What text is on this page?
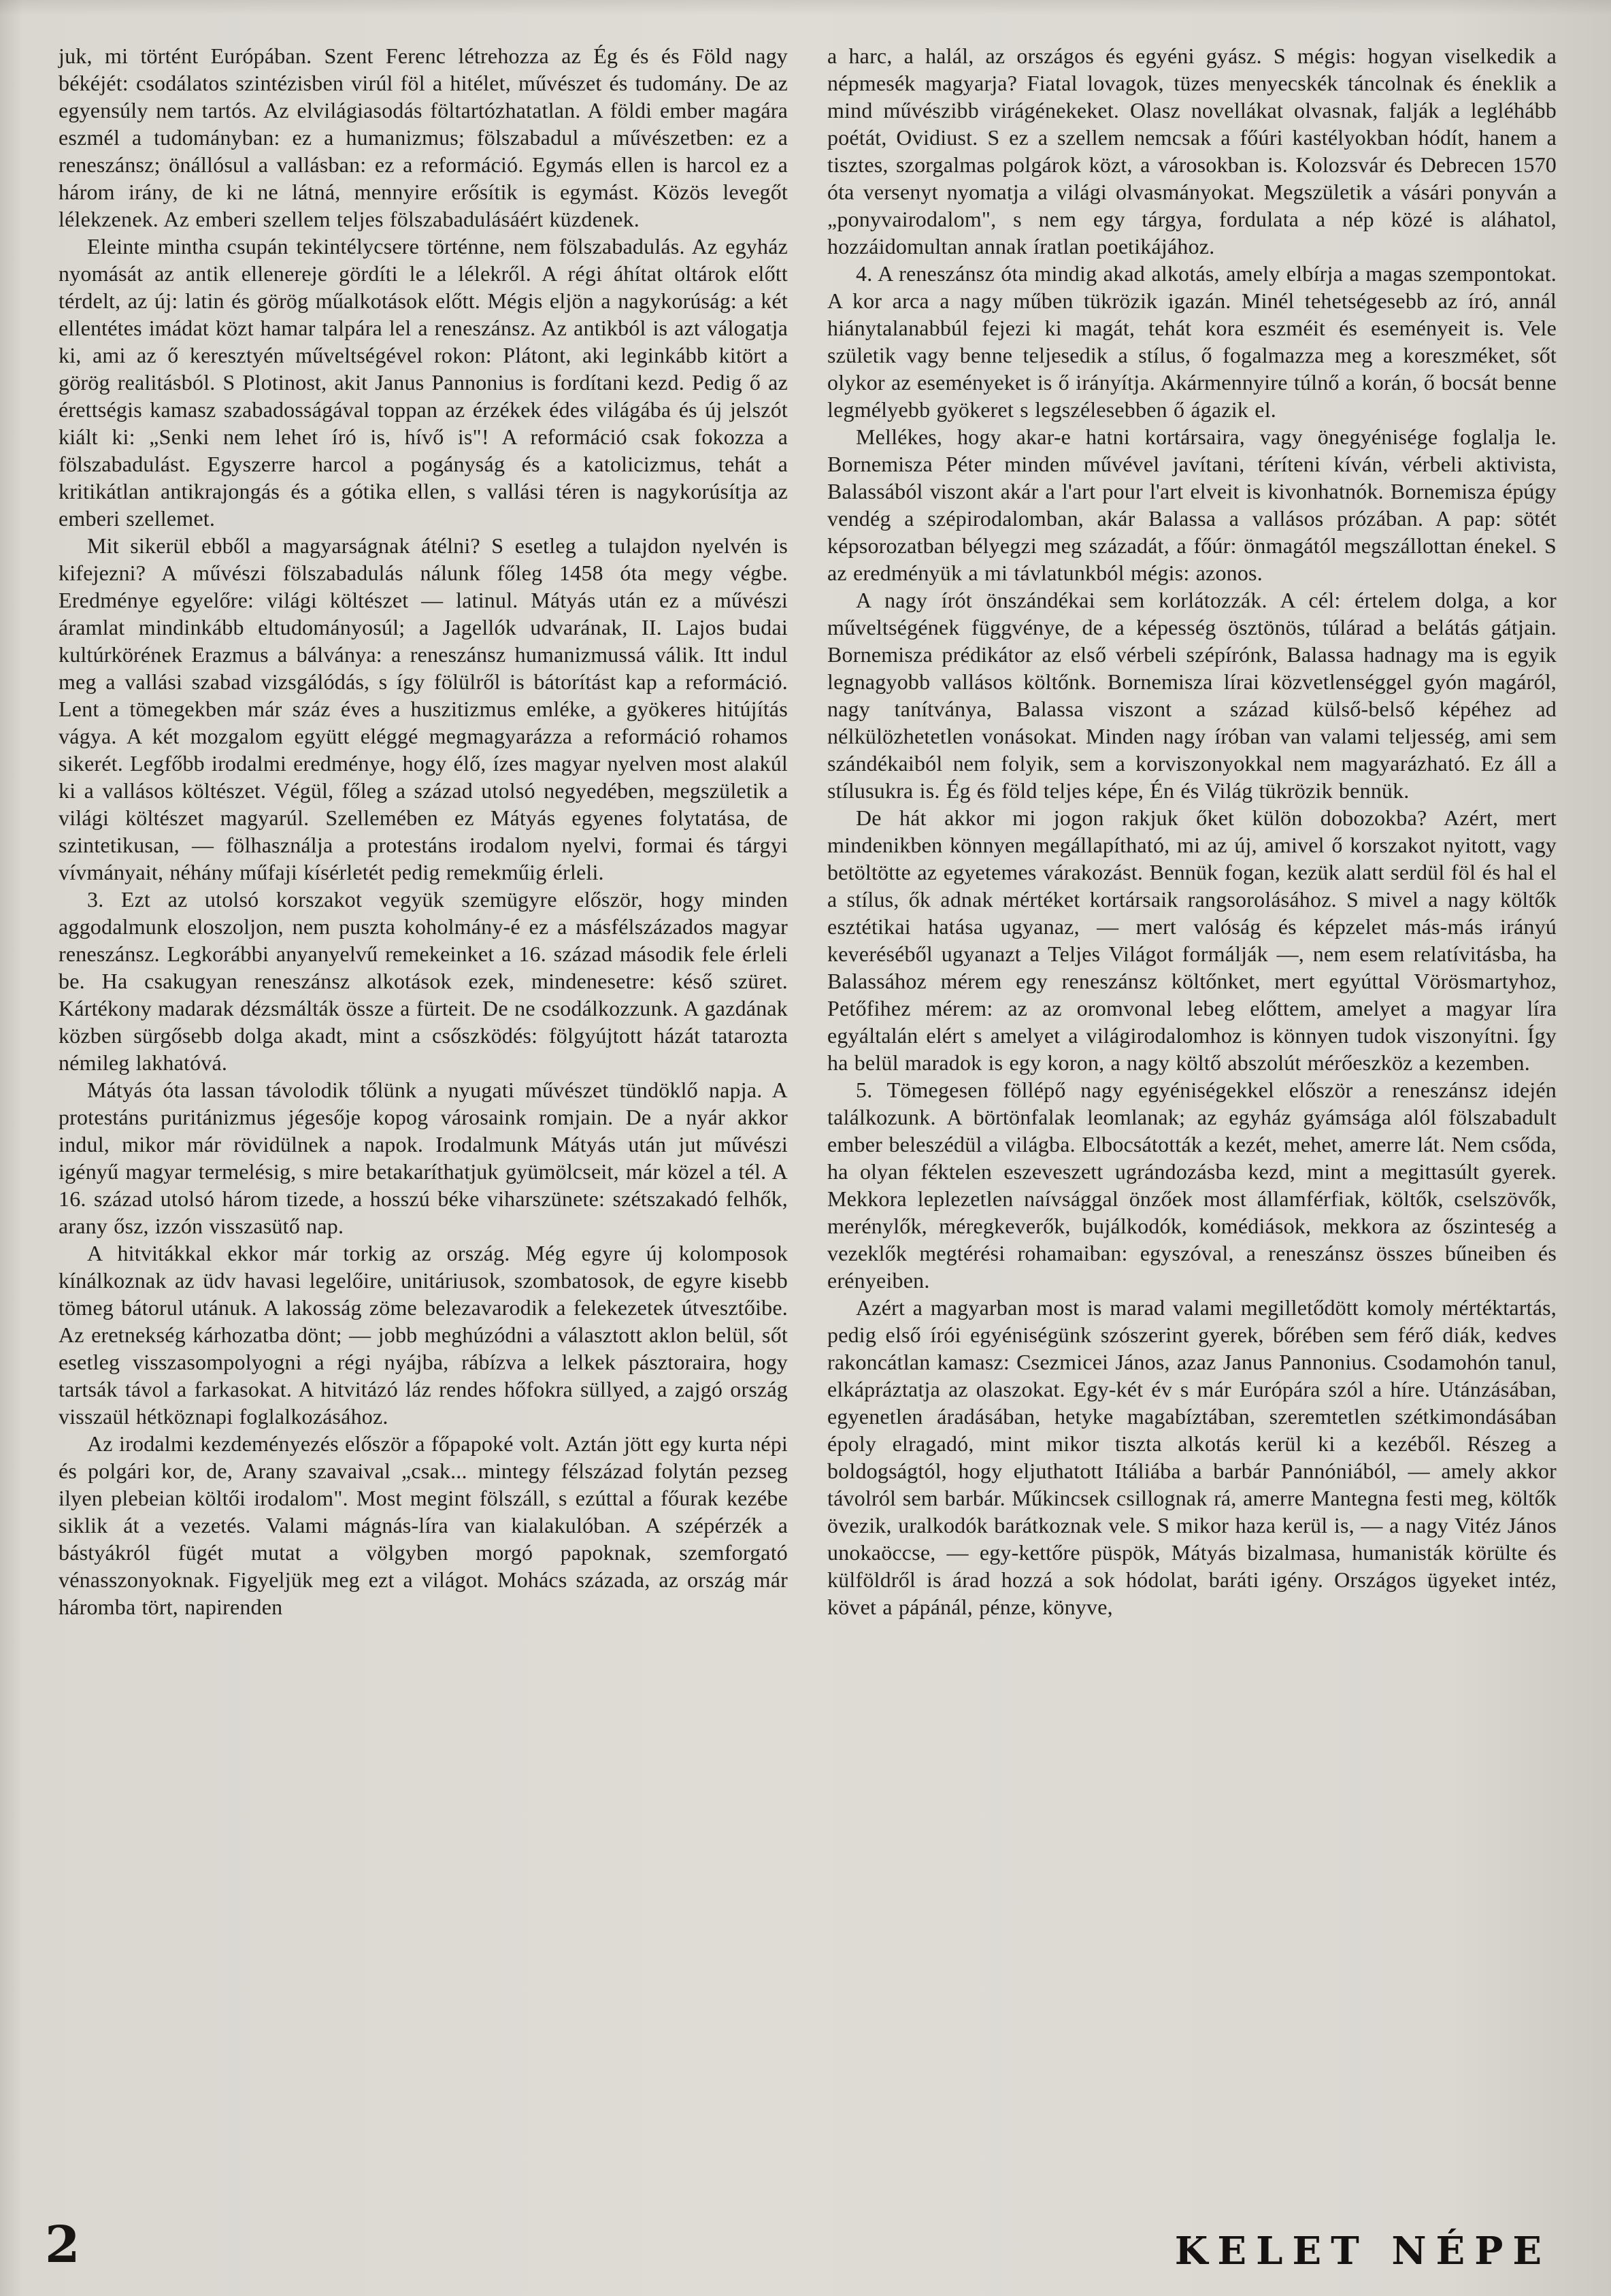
juk, mi történt Európában. Szent Ferenc létrehozza az Ég és és Föld nagy békéjét: csodálatos szintézisben virúl föl a hitélet, művészet és tudomány. De az egyensúly nem tartós. Az elvilágiasodás föltartózhatatlan. A földi ember magára eszmél a tudományban: ez a humanizmus; fölszabadul a művészetben: ez a reneszánsz; önállósul a vallásban: ez a reformáció. Egymás ellen is harcol ez a három irány, de ki ne látná, mennyire erősítik is egymást. Közös levegőt lélekzenek. Az emberi szellem teljes fölszabadulásáért küzdenek.

Eleinte mintha csupán tekintélycsere történne, nem fölszabadulás. Az egyház nyomását az antik ellenereje gördíti le a lélekről. A régi áhítat oltárok előtt térdelt, az új: latin és görög műalkotások előtt. Mégis eljön a nagykorúság: a két ellentétes imádat közt hamar talpára lel a reneszánsz. Az antikból is azt válogatja ki, ami az ő keresztyén műveltségével rokon: Plátont, aki leginkább kitört a görög realitásból. S Plotinost, akit Janus Pannonius is fordítani kezd. Pedig ő az érettségis kamasz szabadosságával toppan az érzékek édes világába és új jelszót kiált ki: „Senki nem lehet író is, hívő is"! A reformáció csak fokozza a fölszabadulást. Egyszerre harcol a pogányság és a katolicizmus, tehát a kritikátlan antikrajongás és a gótika ellen, s vallási téren is nagykorúsítja az emberi szellemet.

Mit sikerül ebből a magyarságnak átélni? S esetleg a tulajdon nyelvén is kifejezni? A művészi fölszabadulás nálunk főleg 1458 óta megy végbe. Eredménye egyelőre: világi költészet — latinul. Mátyás után ez a művészi áramlat mindinkább eltudományosúl; a Jagellók udvarának, II. Lajos budai kultúrkörének Erazmus a bálványa: a reneszánsz humanizmussá válik. Itt indul meg a vallási szabad vizsgálódás, s így fölülről is bátorítást kap a reformáció. Lent a tömegekben már száz éves a huszitizmus emléke, a gyökeres hitújítás vágya. A két mozgalom együtt eléggé megmagyarázza a reformáció rohamos sikerét. Legfőbb irodalmi eredménye, hogy élő, ízes magyar nyelven most alakúl ki a vallásos költészet. Végül, főleg a század utolsó negyedében, megszületik a világi költészet magyarúl. Szellemében ez Mátyás egyenes folytatása, de szintetikusan, — fölhasználja a protestáns irodalom nyelvi, formai és tárgyi vívmányait, néhány műfaji kísérletét pedig remekműig érleli.

3. Ezt az utolsó korszakot vegyük szemügyre először, hogy minden aggodalmunk eloszoljon, nem puszta koholmány-é ez a másfélszázados magyar reneszánsz. Legkorábbi anyanyelvű remekeinket a 16. század második fele érleli be. Ha csakugyan reneszánsz alkotások ezek, mindenesetre: késő szüret. Kártékony madarak dézsmálták össze a fürteit. De ne csodálkozzunk. A gazdának közben sürgősebb dolga akadt, mint a csőszködés: fölgyújtott házát tatarozta némileg lakhatóvá.

Mátyás óta lassan távolodik tőlünk a nyugati művészet tündöklő napja. A protestáns puritánizmus jégesője kopog városaink romjain. De a nyár akkor indul, mikor már rövidülnek a napok. Irodalmunk Mátyás után jut művészi igényű magyar termelésig, s mire betakaríthatjuk gyümölcseit, már közel a tél. A 16. század utolsó három tizede, a hosszú béke viharszünete: szétszakadó felhők, arany ősz, izzón visszasütő nap.

A hitvitákkal ekkor már torkig az ország. Még egyre új kolomposok kínálkoznak az üdv havasi legelőire, unitáriusok, szombatosok, de egyre kisebb tömeg bátorul utánuk. A lakosság zöme belezavarodik a felekezetek útvesztőibe. Az eretnekség kárhozatba dönt; — jobb meghúzódni a választott aklon belül, sőt esetleg visszasompolyogni a régi nyájba, rábízva a lelkek pásztoraira, hogy tartsák távol a farkasokat. A hitvitázó láz rendes hőfokra süllyed, a zajgó ország visszaül hétköznapi foglalkozásához.

Az irodalmi kezdeményezés először a főpapoké volt. Aztán jött egy kurta népi és polgári kor, de, Arany szavaival „csak... mintegy félszázad folytán pezseg ilyen plebeian költői irodalom". Most megint fölszáll, s ezúttal a főurak kezébe siklik át a vezetés. Valami mágnás-líra van kialakulóban. A szépérzék a bástyákról fügét mutat a völgyben morgó papoknak, szemforgató vénasszonyoknak. Figyeljük meg ezt a világot. Mohács százada, az ország már háromba tört, napirenden

a harc, a halál, az országos és egyéni gyász. S mégis: hogyan viselkedik a népmesék magyarja? Fiatal lovagok, tüzes menyecskék táncolnak és éneklik a mind művészibb virágénekeket. Olasz novellákat olvasnak, falják a legléhább poétát, Ovidiust. S ez a szellem nemcsak a főúri kastélyokban hódít, hanem a tisztes, szorgalmas polgárok közt, a városokban is. Kolozsvár és Debrecen 1570 óta versenyt nyomatja a világi olvasmányokat. Megszületik a vásári ponyván a „ponyvairodalom", s nem egy tárgya, fordulata a nép közé is aláhatol, hozzáidomultan annak íratlan poetikájához.

4. A reneszánsz óta mindig akad alkotás, amely elbírja a magas szempontokat. A kor arca a nagy műben tükrözik igazán. Minél tehetségesebb az író, annál hiánytalanabbúl fejezi ki magát, tehát kora eszméit és eseményeit is. Vele születik vagy benne teljesedik a stílus, ő fogalmazza meg a koreszméket, sőt olykor az eseményeket is ő irányítja. Akármennyire túlnő a korán, ő bocsát benne legmélyebb gyökeret s legszélesebben ő ágazik el.

Mellékes, hogy akar-e hatni kortársaira, vagy önegyénisége foglalja le. Bornemisza Péter minden művével javítani, téríteni kíván, vérbeli aktivista, Balassából viszont akár a l'art pour l'art elveit is kivonhatnók. Bornemisza épúgy vendég a szépirodalomban, akár Balassa a vallásos prózában. A pap: sötét képsorozatban bélyegzi meg századát, a főúr: önmagától megszállottan énekel. S az eredményük a mi távlatunkból mégis: azonos.

A nagy írót önszándékai sem korlátozzák. A cél: értelem dolga, a kor műveltségének függvénye, de a képesség ösztönös, túlárad a belátás gátjain. Bornemisza prédikátor az első vérbeli szépírónk, Balassa hadnagy ma is egyik legnagyobb vallásos költőnk. Bornemisza lírai közvetlenséggel gyón magáról, nagy tanítványa, Balassa viszont a század külső-belső képéhez ad nélkülözhetetlen vonásokat. Minden nagy íróban van valami teljesség, ami sem szándékaiból nem folyik, sem a korviszonyokkal nem magyarázható. Ez áll a stílusukra is. Ég és föld teljes képe, Én és Világ tükrözik bennük.

De hát akkor mi jogon rakjuk őket külön dobozokba? Azért, mert mindenikben könnyen megállapítható, mi az új, amivel ő korszakot nyitott, vagy betöltötte az egyetemes várakozást. Bennük fogan, kezük alatt serdül föl és hal el a stílus, ők adnak mértéket kortársaik rangsorolásához. S mivel a nagy költők esztétikai hatása ugyanaz, — mert valóság és képzelet más-más irányú keveréséből ugyanazt a Teljes Világot formálják —, nem esem relatívitásba, ha Balassához mérem egy reneszánsz költőnket, mert egyúttal Vörösmartyhoz, Petőfihez mérem: az az oromvonal lebeg előttem, amelyet a magyar líra egyáltalán elért s amelyet a világirodalomhoz is könnyen tudok viszonyítni. Így ha belül maradok is egy koron, a nagy költő abszolút mérőeszköz a kezemben.

5. Tömegesen föllépő nagy egyéniségekkel először a reneszánsz idején találkozunk. A börtönfalak leomlanak; az egyház gyámsága alól fölszabadult ember beleszédül a világba. Elbocsátották a kezét, mehet, amerre lát. Nem csőda, ha olyan féktelen eszeveszett ugrándozásba kezd, mint a megittasúlt gyerek. Mekkora leplezetlen naívsággal önzőek most államférfiak, költők, cselszövők, merénylők, méregkeverők, bujálkodók, komédiások, mekkora az őszinteség a vezeklők megtérési rohamaiban: egyszóval, a reneszánsz összes bűneiben és erényeiben.

Azért a magyarban most is marad valami megilletődött komoly mértéktartás, pedig első írói egyéniségünk szószerint gyerek, bőrében sem férő diák, kedves rakoncátlan kamasz: Csezmicei János, azaz Janus Pannonius. Csodamohón tanul, elkápráztatja az olaszokat. Egy-két év s már Európára szól a híre. Utánzásában, egyenetlen áradásában, hetyke magabíztában, szeremtetlen szétkimondásában époly elragadó, mint mikor tiszta alkotás kerül ki a kezéből. Részeg a boldogságtól, hogy eljuthatott Itáliába a barbár Pannóniából, — amely akkor távolról sem barbár. Műkincsek csillognak rá, amerre Mantegna festi meg, költők övezik, uralkodók barátkoznak vele. S mikor haza kerül is, — a nagy Vitéz János unokaöccse, — egy-kettőre püspök, Mátyás bizalmasa, humanisták körülte és külföldről is árad hozzá a sok hódolat, baráti igény. Országos ügyeket intéz, követ a pápánál, pénze, könyve,

2	KELET NÉPE
